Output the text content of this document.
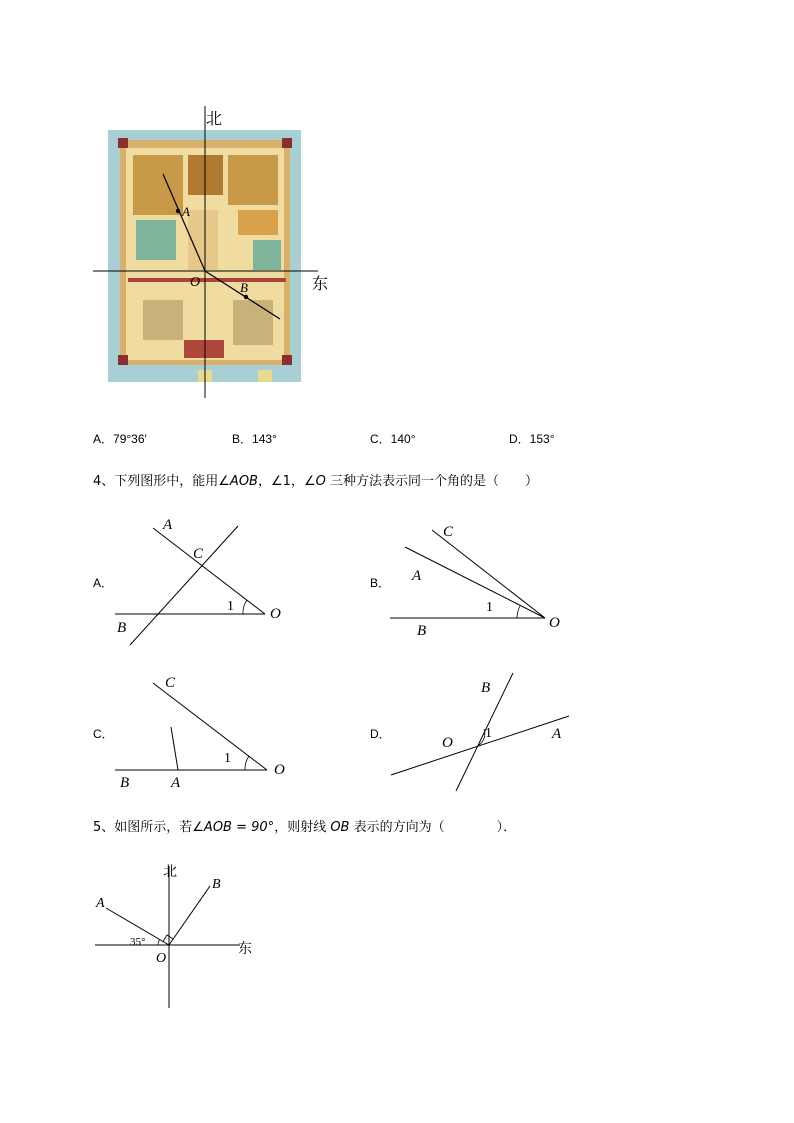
北
东
O
A
B
A．79°36′	B．143°	C．140°	D．153°
4、下列图形中，能用∠AOB，∠1，∠O 三种方法表示同一个角的是（　　）
A．	B．
C．	D．
A
C
B
O
1
C
A
B	O
1
C
B	A
O
1
B
O
A
1
5、如图所示，若∠AOB = 90°，则射线 OB 表示的方向为（　　　　）．
北
东
A
B
O
35°
